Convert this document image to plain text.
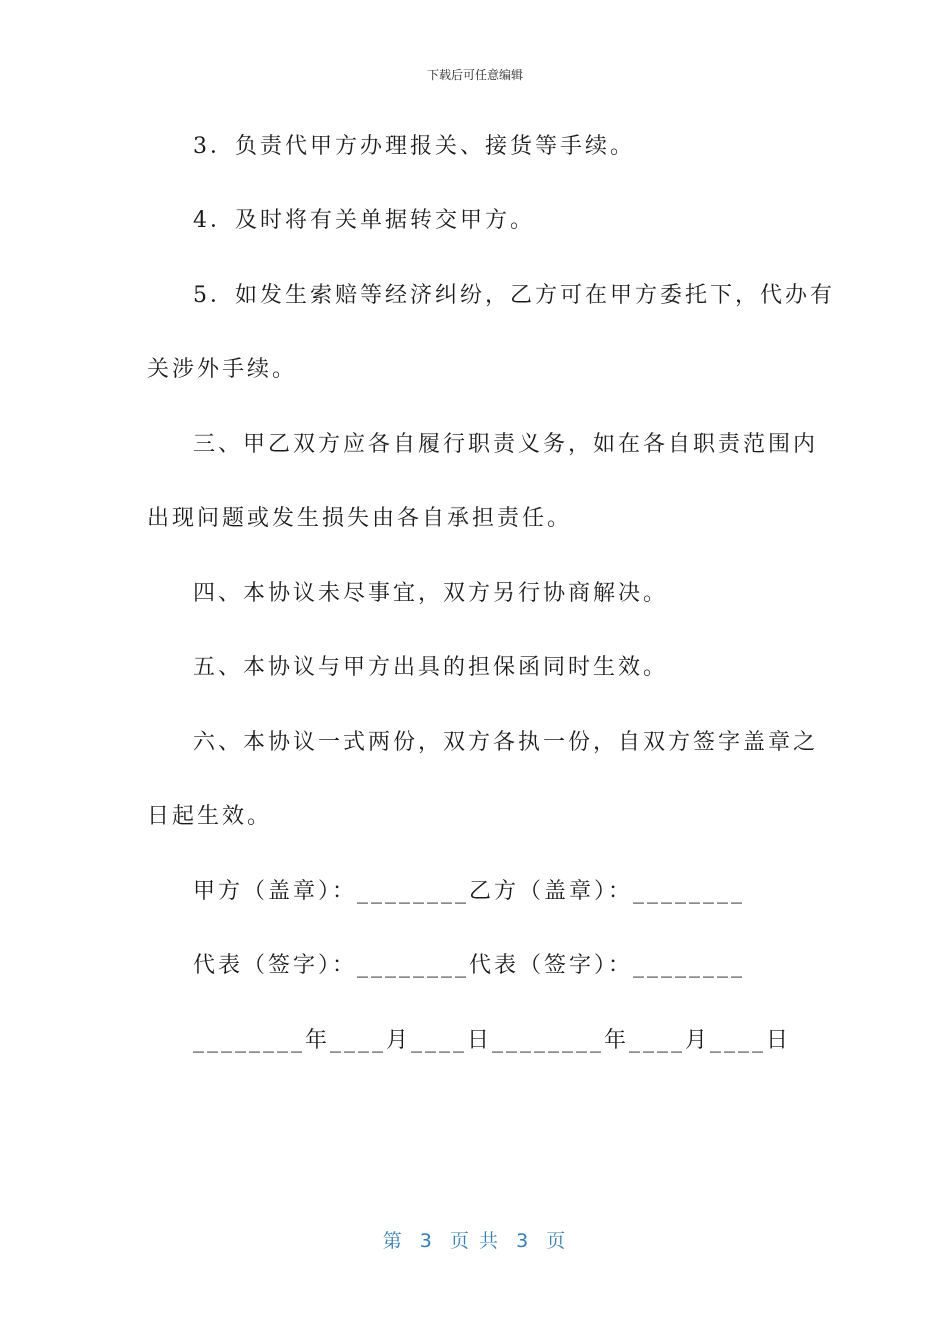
下载后可任意编辑
3．负责代甲方办理报关、接货等手续。
4．及时将有关单据转交甲方。
5．如发生索赔等经济纠纷，乙方可在甲方委托下，代办有
关涉外手续。
三、甲乙双方应各自履行职责义务，如在各自职责范围内
出现问题或发生损失由各自承担责任。
四、本协议未尽事宜，双方另行协商解决。
五、本协议与甲方出具的担保函同时生效。
六、本协议一式两份，双方各执一份，自双方签字盖章之
日起生效。
甲方（盖章）：________乙方（盖章）：________
代表（签字）：________代表（签字）：________
________年____月____日________年____月____日
第  3  页 共  3  页
